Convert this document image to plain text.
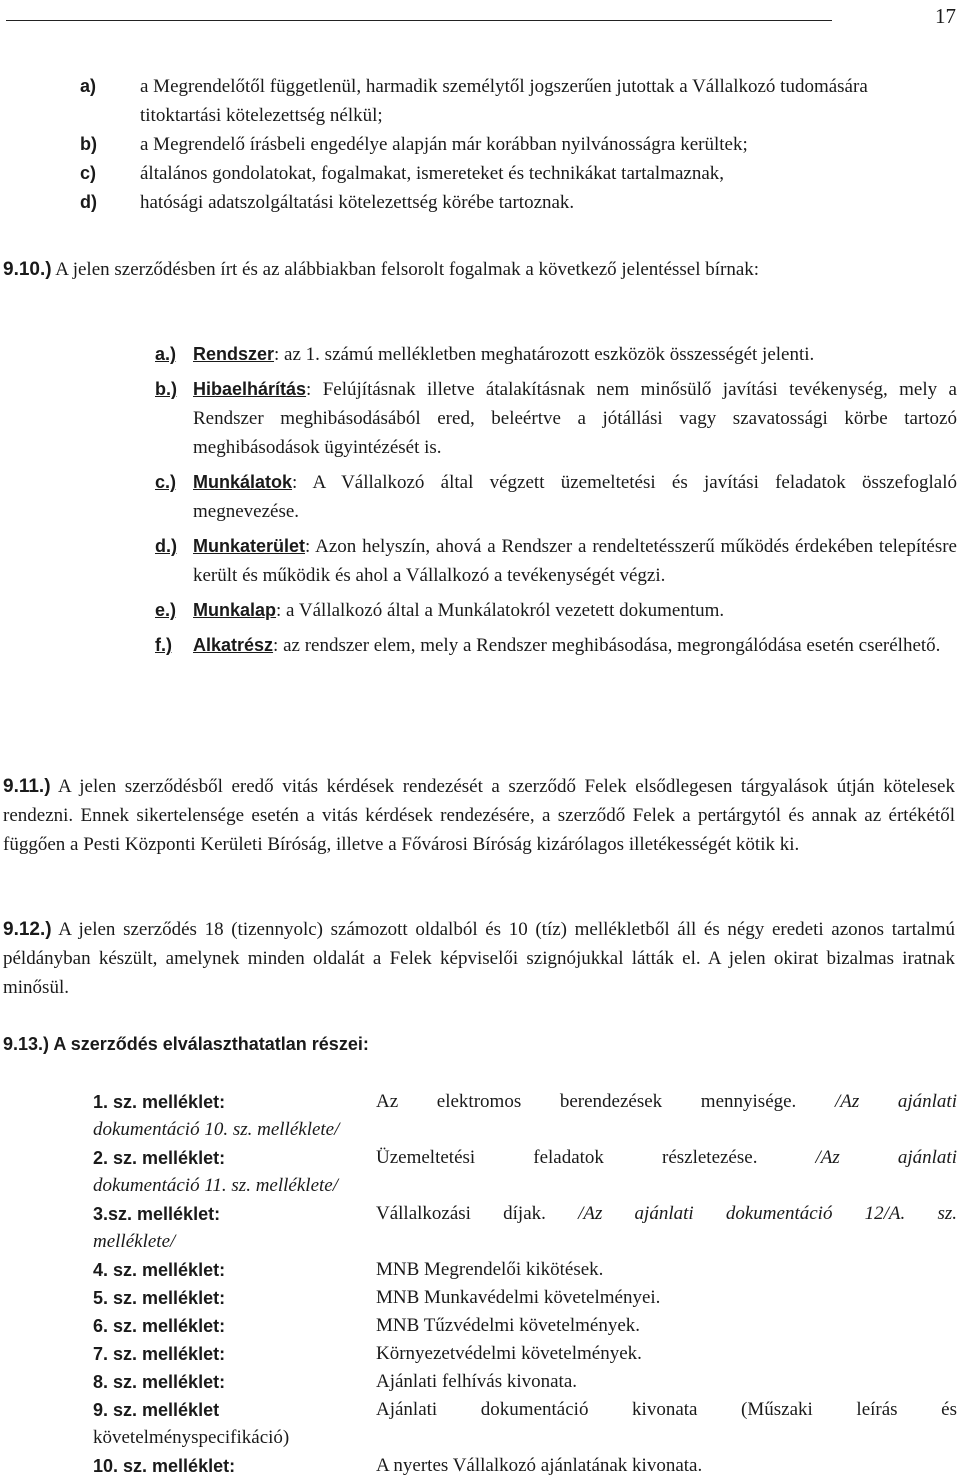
17
a)	a Megrendelőtől függetlenül, harmadik személytől jogszerűen jutottak a Vállalkozó tudomására titoktartási kötelezettség nélkül;
b)	a Megrendelő írásbeli engedélye alapján már korábban nyilvánosságra kerültek;
c)	általános gondolatokat, fogalmakat, ismereteket és technikákat tartalmaznak,
d)	hatósági adatszolgáltatási kötelezettség körébe tartoznak.
9.10.) A jelen szerződésben írt és az alábbiakban felsorolt fogalmak a következő jelentéssel bírnak:
a.) Rendszer: az 1. számú mellékletben meghatározott eszközök összességét jelenti.
b.) Hibaelhárítás: Felújításnak illetve átalakításnak nem minősülő javítási tevékenység, mely a Rendszer meghibásodásából ered, beleértve a jótállási vagy szavatossági körbe tartozó meghibásodások ügyintézését is.
c.) Munkálatok: A Vállalkozó által végzett üzemeltetési és javítási feladatok összefoglaló megnevezése.
d.) Munkaterület: Azon helyszín, ahová a Rendszer a rendeltetésszerű működés érdekében telepítésre került és működik és ahol a Vállalkozó a tevékenységét végzi.
e.) Munkalap: a Vállalkozó által a Munkálatokról vezetett dokumentum.
f.)	Alkatrész: az rendszer elem, mely a Rendszer meghibásodása, megrongálódása esetén cserélhető.
9.11.) A jelen szerződésből eredő vitás kérdések rendezését a szerződő Felek elsődlegesen tárgyalások útján kötelesek rendezni. Ennek sikertelensége esetén a vitás kérdések rendezésére, a szerződő Felek a pertárgytól és annak az értékétől függően a Pesti Központi Kerületi Bíróság, illetve a Fővárosi Bíróság kizárólagos illetékességét kötik ki.
9.12.) A jelen szerződés 18 (tizennyolc) számozott oldalból és 10 (tíz) mellékletből áll és négy eredeti azonos tartalmú példányban készült, amelynek minden oldalát a Felek képviselői szignójukkal látták el. A jelen okirat bizalmas iratnak minősül.
9.13.) A szerződés elválaszthatatlan részei:
1. sz. melléklet:	Az elektromos berendezések mennyisége. /Az ajánlati
dokumentáció 10. sz. melléklete/
2. sz. melléklet:	Üzemeltetési feladatok részletezése. /Az ajánlati
dokumentáció 11. sz. melléklete/
3.sz. melléklet:	Vállalkozási díjak. /Az ajánlati dokumentáció 12/A. sz.
melléklete/
4. sz. melléklet:	MNB Megrendelői kikötések.
5. sz. melléklet:	MNB Munkavédelmi követelményei.
6. sz. melléklet:	MNB Tűzvédelmi követelmények.
7. sz. melléklet:	Környezetvédelmi követelmények.
8. sz. melléklet:	Ajánlati felhívás kivonata.
9. sz. melléklet	Ajánlati dokumentáció kivonata (Műszaki leírás és
követelményspecifikáció)
10. sz. melléklet:	A nyertes Vállalkozó ajánlatának kivonata.
